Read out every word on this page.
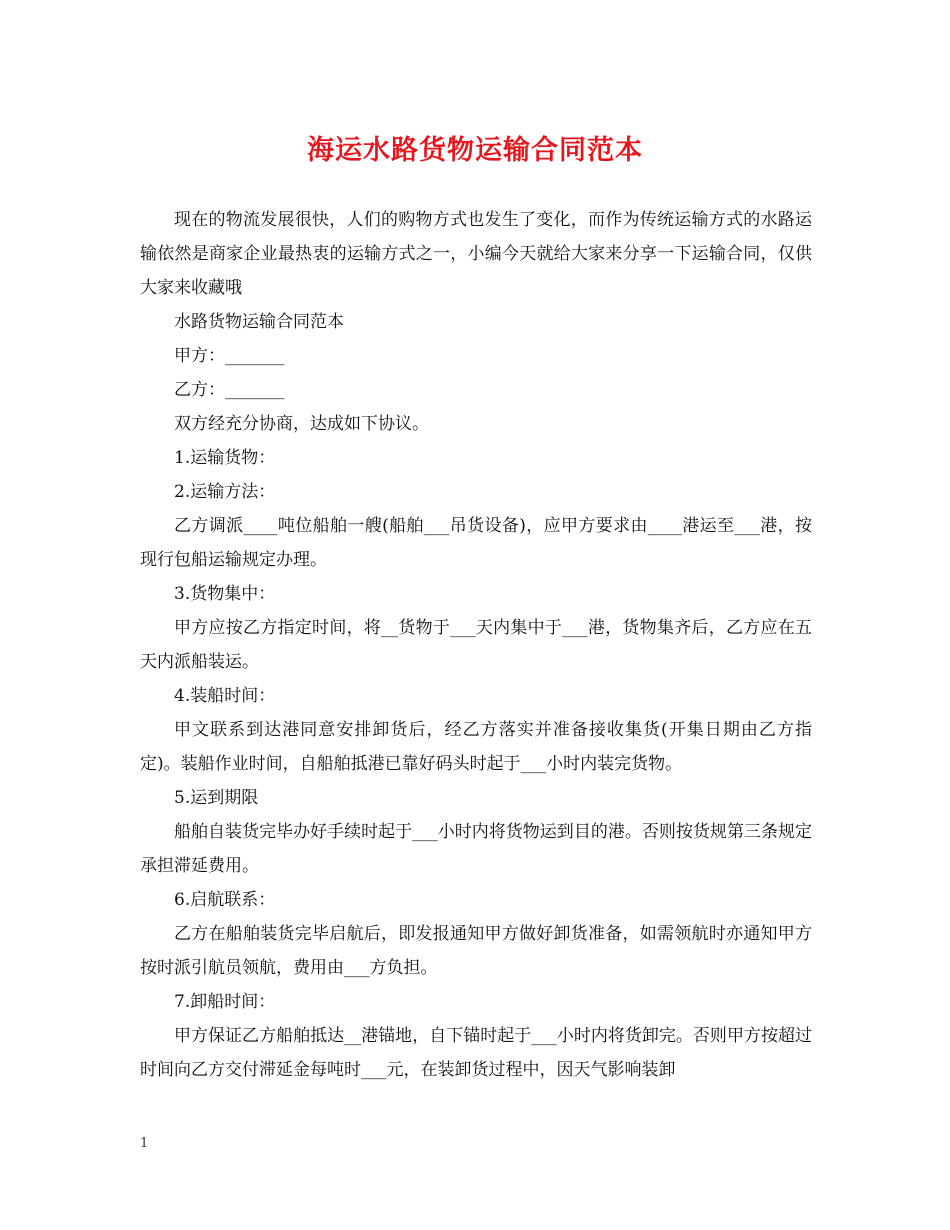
海运水路货物运输合同范本

现在的物流发展很快，人们的购物方式也发生了变化，而作为传统运输方式的水路运输依然是商家企业最热衷的运输方式之一，小编今天就给大家来分享一下运输合同，仅供大家来收藏哦

水路货物运输合同范本

甲方：_______

乙方：_______

双方经充分协商，达成如下协议。

1.运输货物：

2.运输方法：

乙方调派____吨位船舶一艘(船舶___吊货设备)，应甲方要求由____港运至___港，按现行包船运输规定办理。

3.货物集中：

甲方应按乙方指定时间，将__货物于___天内集中于___港，货物集齐后，乙方应在五天内派船装运。

4.装船时间：

甲文联系到达港同意安排卸货后，经乙方落实并准备接收集货(开集日期由乙方指定)。装船作业时间，自船舶抵港已靠好码头时起于___小时内装完货物。

5.运到期限

船舶自装货完毕办好手续时起于___小时内将货物运到目的港。否则按货规第三条规定承担滞延费用。

6.启航联系：

乙方在船舶装货完毕启航后，即发报通知甲方做好卸货准备，如需领航时亦通知甲方按时派引航员领航，费用由___方负担。

7.卸船时间：

甲方保证乙方船舶抵达__港锚地，自下锚时起于___小时内将货卸完。否则甲方按超过时间向乙方交付滞延金每吨时___元，在装卸货过程中，因天气影响装卸

1
